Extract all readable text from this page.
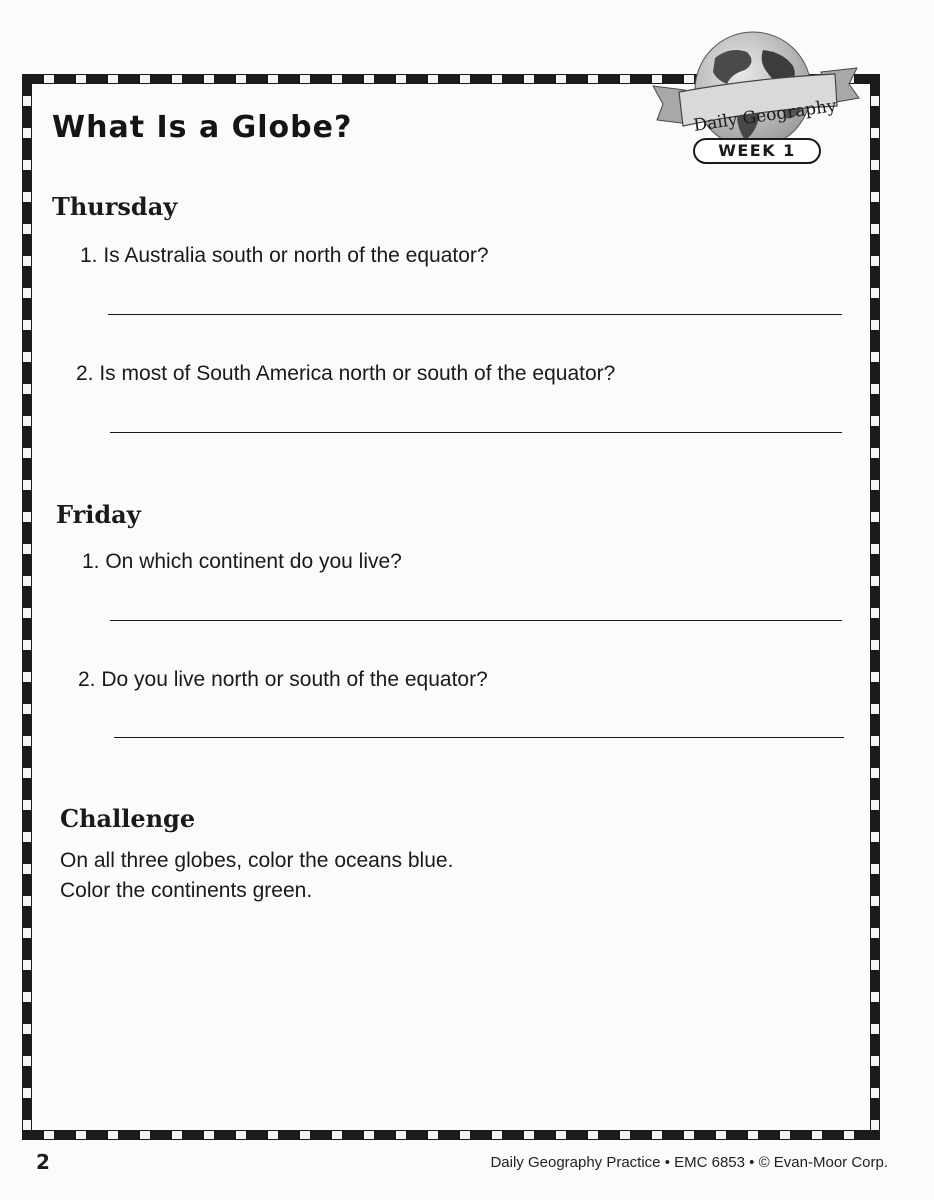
What Is a Globe?	Daily Geography
WEEK 1
Thursday

1. Is Australia south or north of the equator?

2. Is most of South America north or south of the equator?

Friday

1. On which continent do you live?

2. Do you live north or south of the equator?

Challenge
On all three globes, color the oceans blue.
Color the continents green.
2	Daily Geography Practice • EMC 6853 • © Evan-Moor Corp.
